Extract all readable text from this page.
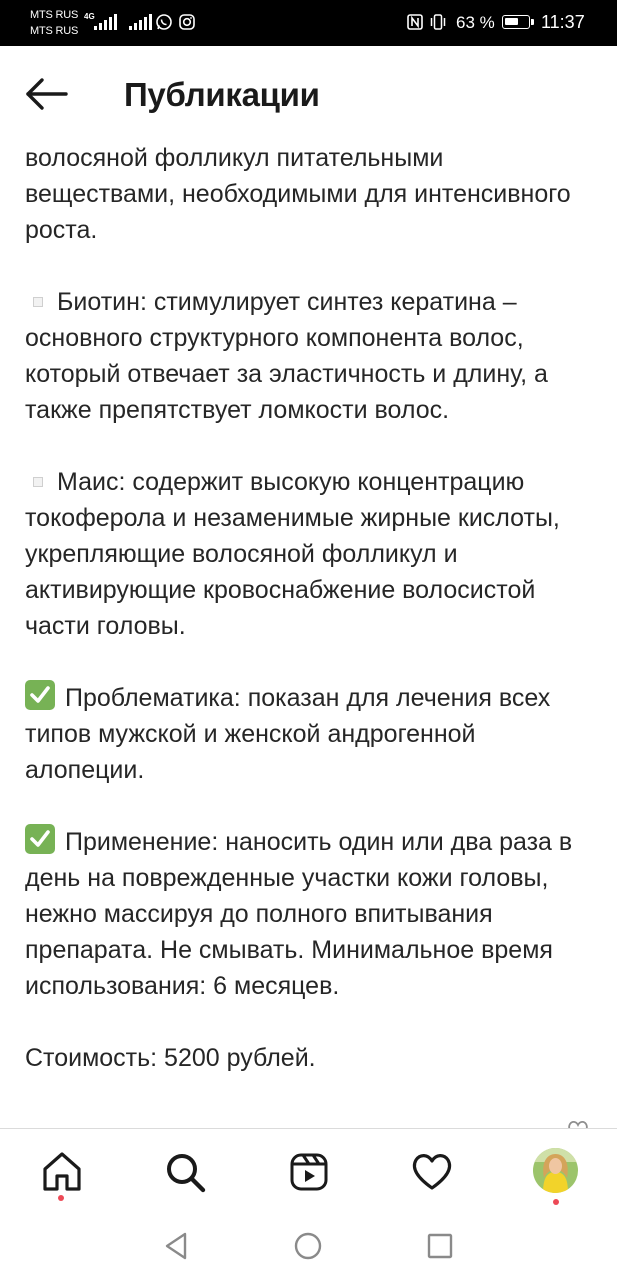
MTS RUS
MTS RUS
4G	63 %	11:37
Публикации

волосяной фолликул питательными веществами, необходимыми для интенсивного роста.

Биотин: стимулирует синтез кератина – основного структурного компонента волос, который отвечает за эластичность и длину, а также препятствует ломкости волос.

Маис: содержит высокую концентрацию токоферола и незаменимые жирные кислоты, укрепляющие волосяной фолликул и активирующие кровоснабжение волосистой части головы.

Проблематика: показан для лечения всех типов мужской и женской андрогенной алопеции.

Применение: наносить один или два раза в день на поврежденные участки кожи головы, нежно массируя до полного впитывания препарата. Не смывать. Минимальное время использования: 6 месяцев.

Стоимость: 5200 рублей.
